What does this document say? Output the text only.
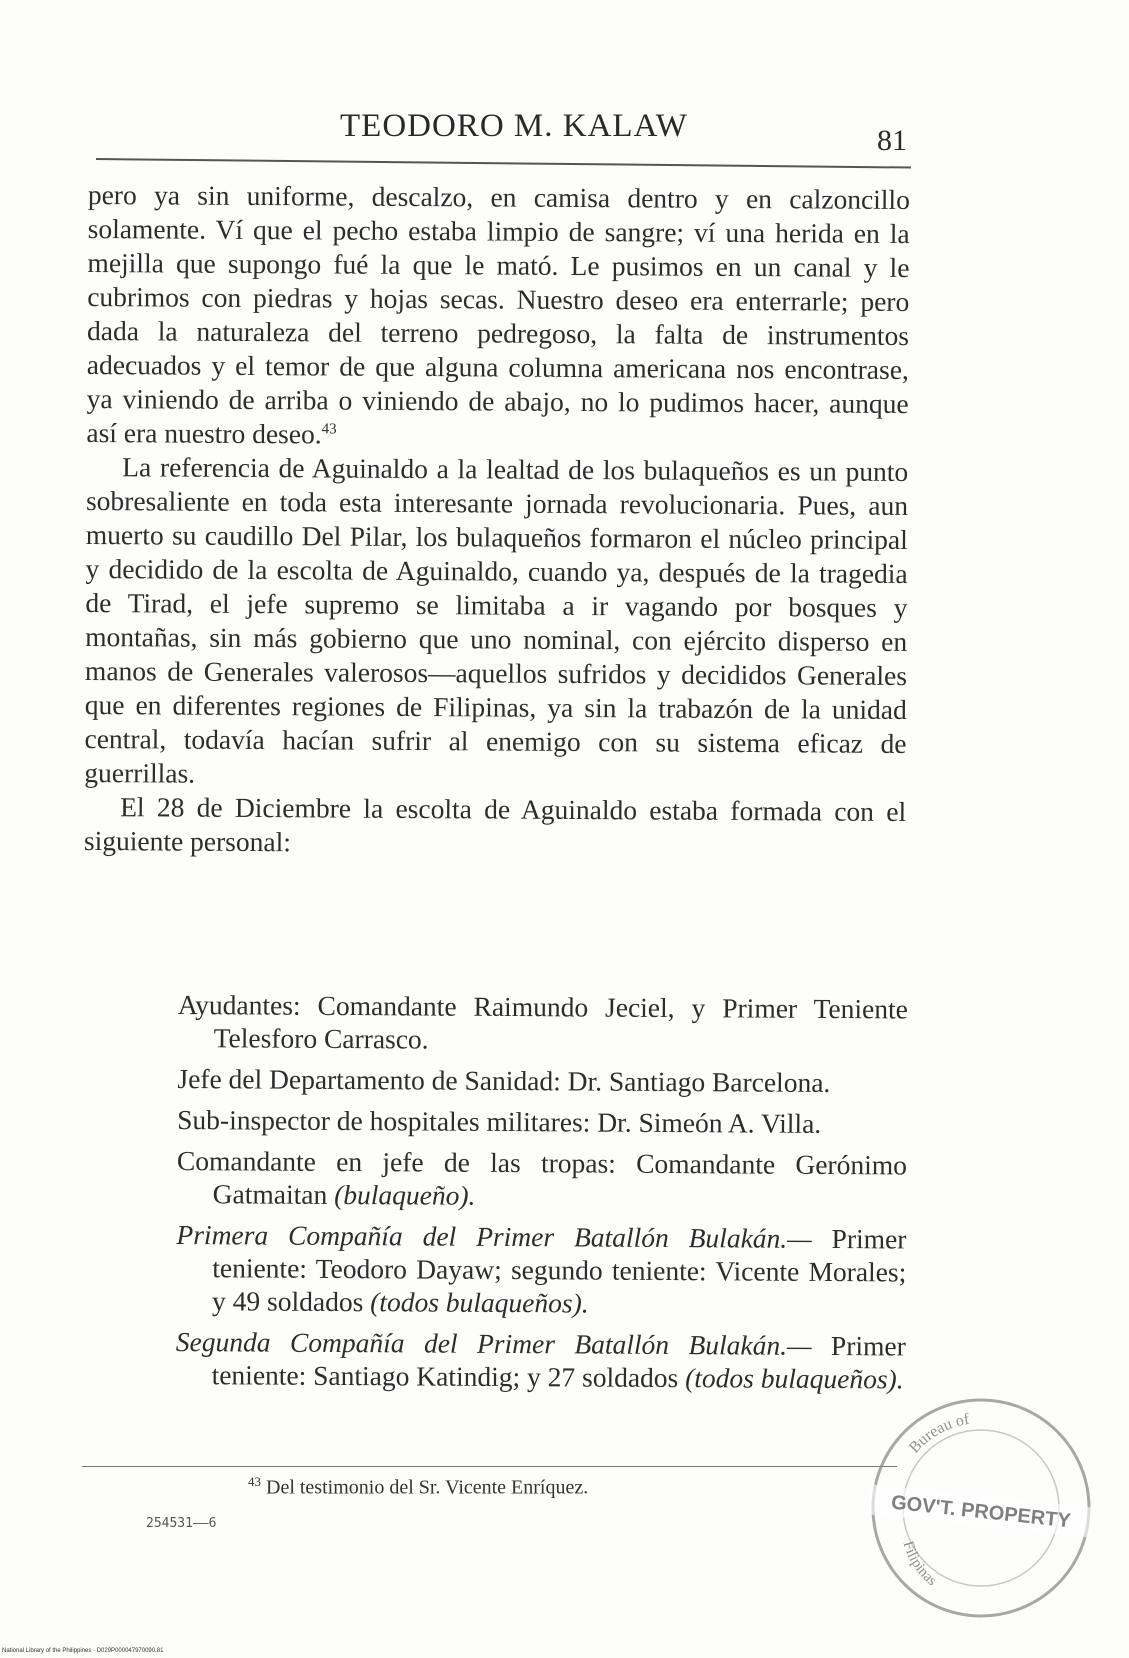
TEODORO M. KALAW	81

pero ya sin uniforme, descalzo, en camisa dentro y en calzoncillo solamente. Ví que el pecho estaba limpio de sangre; ví una herida en la mejilla que supongo fué la que le mató. Le pusimos en un canal y le cubrimos con piedras y hojas secas. Nuestro deseo era enterrarle; pero dada la naturaleza del terreno pedregoso, la falta de instrumentos adecuados y el temor de que alguna columna americana nos encontrase, ya viniendo de arriba o viniendo de abajo, no lo pudimos hacer, aunque así era nuestro deseo.$^{43}$

La referencia de Aguinaldo a la lealtad de los bulaqueños es un punto sobresaliente en toda esta interesante jornada revolucionaria. Pues, aun muerto su caudillo Del Pilar, los bulaqueños formaron el núcleo principal y decidido de la escolta de Aguinaldo, cuando ya, después de la tragedia de Tirad, el jefe supremo se limitaba a ir vagando por bosques y montañas, sin más gobierno que uno nominal, con ejército disperso en manos de Generales valerosos—aquellos sufridos y decididos Generales que en diferentes regiones de Filipinas, ya sin la trabazón de la unidad central, todavía hacían sufrir al enemigo con su sistema eficaz de guerrillas.

El 28 de Diciembre la escolta de Aguinaldo estaba formada con el siguiente personal:

Ayudantes: Comandante Raimundo Jeciel, y Primer Teniente Telesforo Carrasco.

Jefe del Departamento de Sanidad: Dr. Santiago Barcelona.

Sub-inspector de hospitales militares: Dr. Simeón A. Villa.

Comandante en jefe de las tropas: Comandante Gerónimo Gatmaitan (bulaqueño).

Primera Compañía del Primer Batallón Bulakán.— Primer teniente: Teodoro Dayaw; segundo teniente: Vicente Morales; y 49 soldados (todos bulaqueños).

Segunda Compañía del Primer Batallón Bulakán.— Primer teniente: Santiago Katindig; y 27 soldados (todos bulaqueños).

$^{43}$ Del testimonio del Sr. Vicente Enríquez.
254531——6
Bureau of
GOV'T. PROPERTY
Filipinas
National Library of the Philippines · D029P000047970090.81
